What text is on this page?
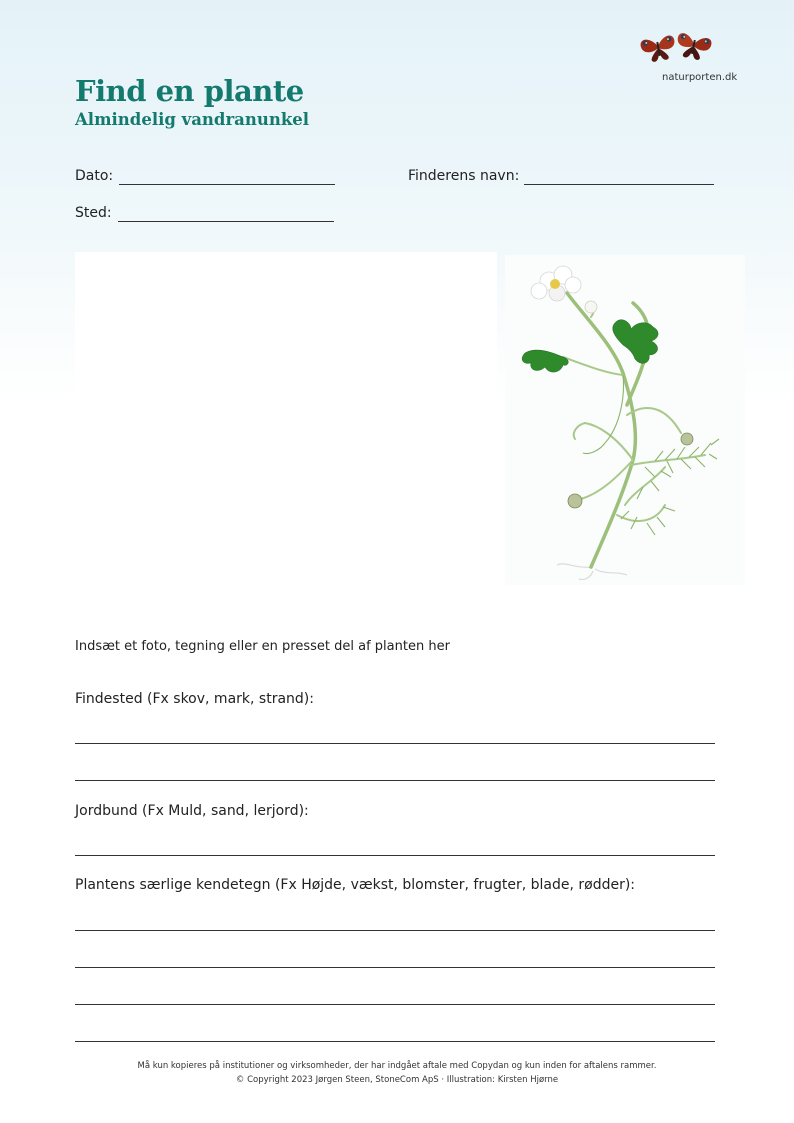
naturporten.dk
Find en plante
Almindelig vandranunkel
Dato:	Finderens navn:
Sted:
Indsæt et foto, tegning eller en presset del af planten her
Findested (Fx skov, mark, strand):
Jordbund (Fx Muld, sand, lerjord):
Plantens særlige kendetegn (Fx Højde, vækst, blomster, frugter, blade, rødder):
Må kun kopieres på institutioner og virksomheder, der har indgået aftale med Copydan og kun inden for aftalens rammer.
© Copyright 2023 Jørgen Steen, StoneCom ApS · Illustration: Kirsten Hjørne
